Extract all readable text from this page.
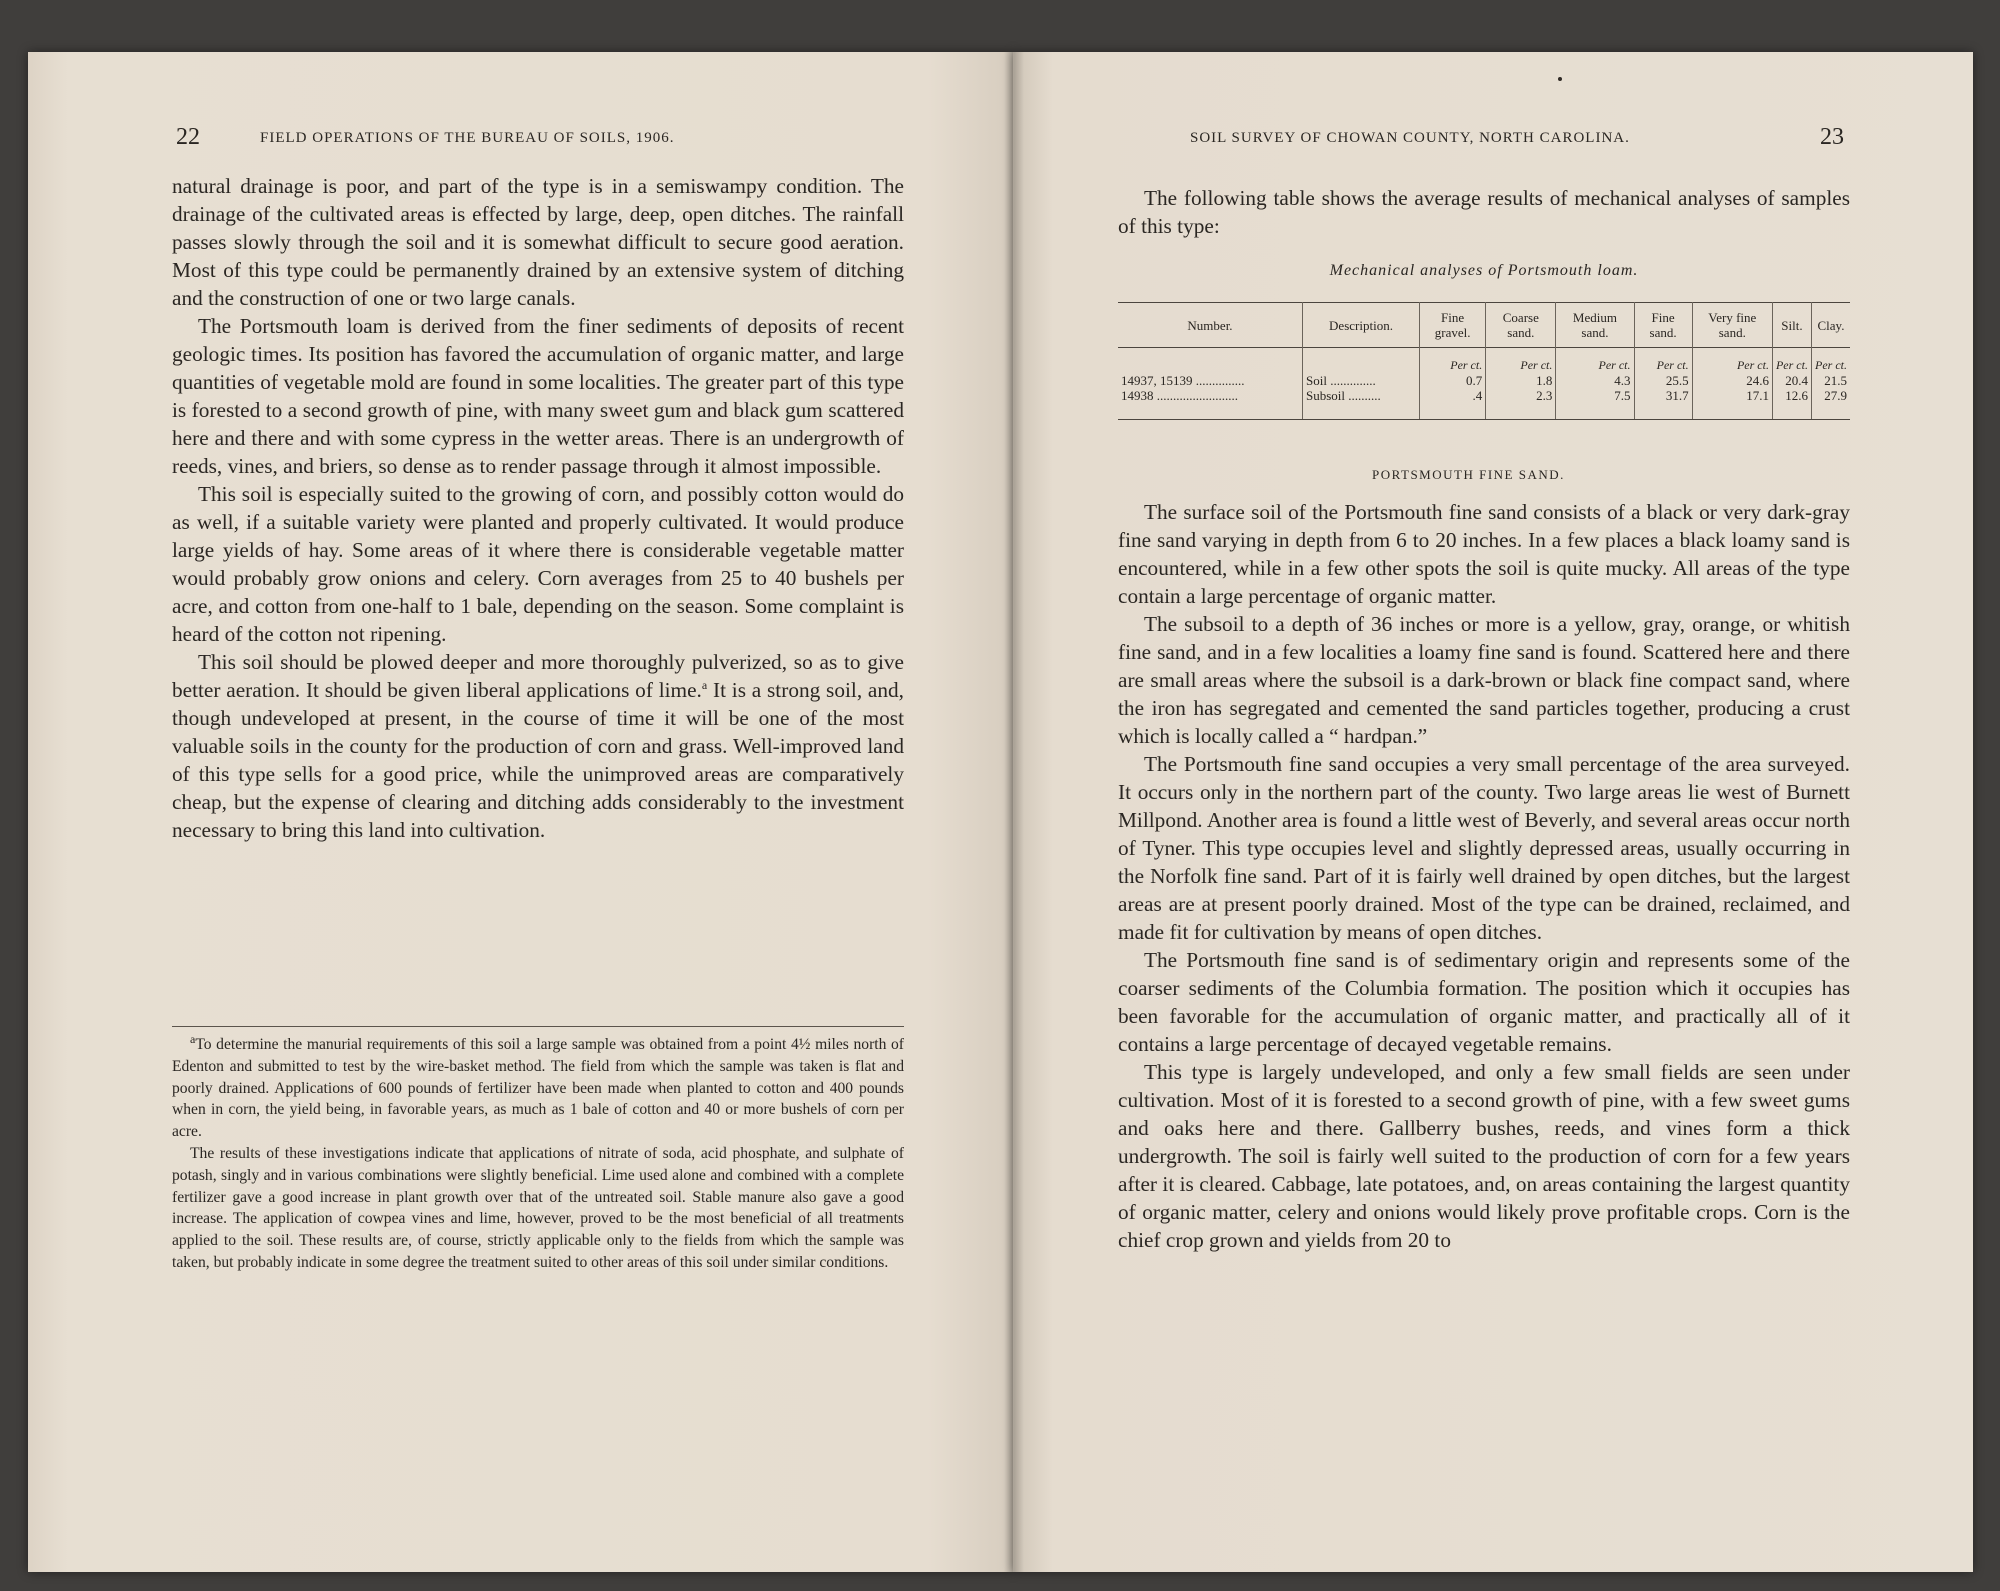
22	FIELD OPERATIONS OF THE BUREAU OF SOILS, 1906.

natural drainage is poor, and part of the type is in a semiswampy condition. The drainage of the cultivated areas is effected by large, deep, open ditches. The rainfall passes slowly through the soil and it is somewhat difficult to secure good aeration. Most of this type could be permanently drained by an extensive system of ditching and the construction of one or two large canals.

The Portsmouth loam is derived from the finer sediments of deposits of recent geologic times. Its position has favored the accumulation of organic matter, and large quantities of vegetable mold are found in some localities. The greater part of this type is forested to a second growth of pine, with many sweet gum and black gum scattered here and there and with some cypress in the wetter areas. There is an undergrowth of reeds, vines, and briers, so dense as to render passage through it almost impossible.

This soil is especially suited to the growing of corn, and possibly cotton would do as well, if a suitable variety were planted and properly cultivated. It would produce large yields of hay. Some areas of it where there is considerable vegetable matter would probably grow onions and celery. Corn averages from 25 to 40 bushels per acre, and cotton from one-half to 1 bale, depending on the season. Some complaint is heard of the cotton not ripening.

This soil should be plowed deeper and more thoroughly pulverized, so as to give better aeration. It should be given liberal applications of lime.$^a$ It is a strong soil, and, though undeveloped at present, in the course of time it will be one of the most valuable soils in the county for the production of corn and grass. Well-improved land of this type sells for a good price, while the unimproved areas are comparatively cheap, but the expense of clearing and ditching adds considerably to the investment necessary to bring this land into cultivation.

$^a$To determine the manurial requirements of this soil a large sample was obtained from a point 4½ miles north of Edenton and submitted to test by the wire-basket method. The field from which the sample was taken is flat and poorly drained. Applications of 600 pounds of fertilizer have been made when planted to cotton and 400 pounds when in corn, the yield being, in favorable years, as much as 1 bale of cotton and 40 or more bushels of corn per acre.

The results of these investigations indicate that applications of nitrate of soda, acid phosphate, and sulphate of potash, singly and in various combinations were slightly beneficial. Lime used alone and combined with a complete fertilizer gave a good increase in plant growth over that of the untreated soil. Stable manure also gave a good increase. The application of cowpea vines and lime, however, proved to be the most beneficial of all treatments applied to the soil. These results are, of course, strictly applicable only to the fields from which the sample was taken, but probably indicate in some degree the treatment suited to other areas of this soil under similar conditions.

SOIL SURVEY OF CHOWAN COUNTY, NORTH CAROLINA.	23

The following table shows the average results of mechanical analyses of samples of this type:

Mechanical analyses of Portsmouth loam.
Number.	Description.	Fine gravel.	Coarse sand.	Medium sand.	Fine sand.	Very fine sand.	Silt.	Clay.
		Per ct.	Per ct.	Per ct.	Per ct.	Per ct.	Per ct.	Per ct.
14937, 15139 ...............	Soil ..............	0.7	1.8	4.3	25.5	24.6	20.4	21.5
14938 .........................	Subsoil ..........	.4	2.3	7.5	31.7	17.1	12.6	27.9
PORTSMOUTH FINE SAND.

The surface soil of the Portsmouth fine sand consists of a black or very dark-gray fine sand varying in depth from 6 to 20 inches. In a few places a black loamy sand is encountered, while in a few other spots the soil is quite mucky. All areas of the type contain a large percentage of organic matter.

The subsoil to a depth of 36 inches or more is a yellow, gray, orange, or whitish fine sand, and in a few localities a loamy fine sand is found. Scattered here and there are small areas where the subsoil is a dark-brown or black fine compact sand, where the iron has segregated and cemented the sand particles together, producing a crust which is locally called a “ hardpan.”

The Portsmouth fine sand occupies a very small percentage of the area surveyed. It occurs only in the northern part of the county. Two large areas lie west of Burnett Millpond. Another area is found a little west of Beverly, and several areas occur north of Tyner. This type occupies level and slightly depressed areas, usually occurring in the Norfolk fine sand. Part of it is fairly well drained by open ditches, but the largest areas are at present poorly drained. Most of the type can be drained, reclaimed, and made fit for cultivation by means of open ditches.

The Portsmouth fine sand is of sedimentary origin and represents some of the coarser sediments of the Columbia formation. The position which it occupies has been favorable for the accumulation of organic matter, and practically all of it contains a large percentage of decayed vegetable remains.

This type is largely undeveloped, and only a few small fields are seen under cultivation. Most of it is forested to a second growth of pine, with a few sweet gums and oaks here and there. Gallberry bushes, reeds, and vines form a thick undergrowth. The soil is fairly well suited to the production of corn for a few years after it is cleared. Cabbage, late potatoes, and, on areas containing the largest quantity of organic matter, celery and onions would likely prove profitable crops. Corn is the chief crop grown and yields from 20 to
